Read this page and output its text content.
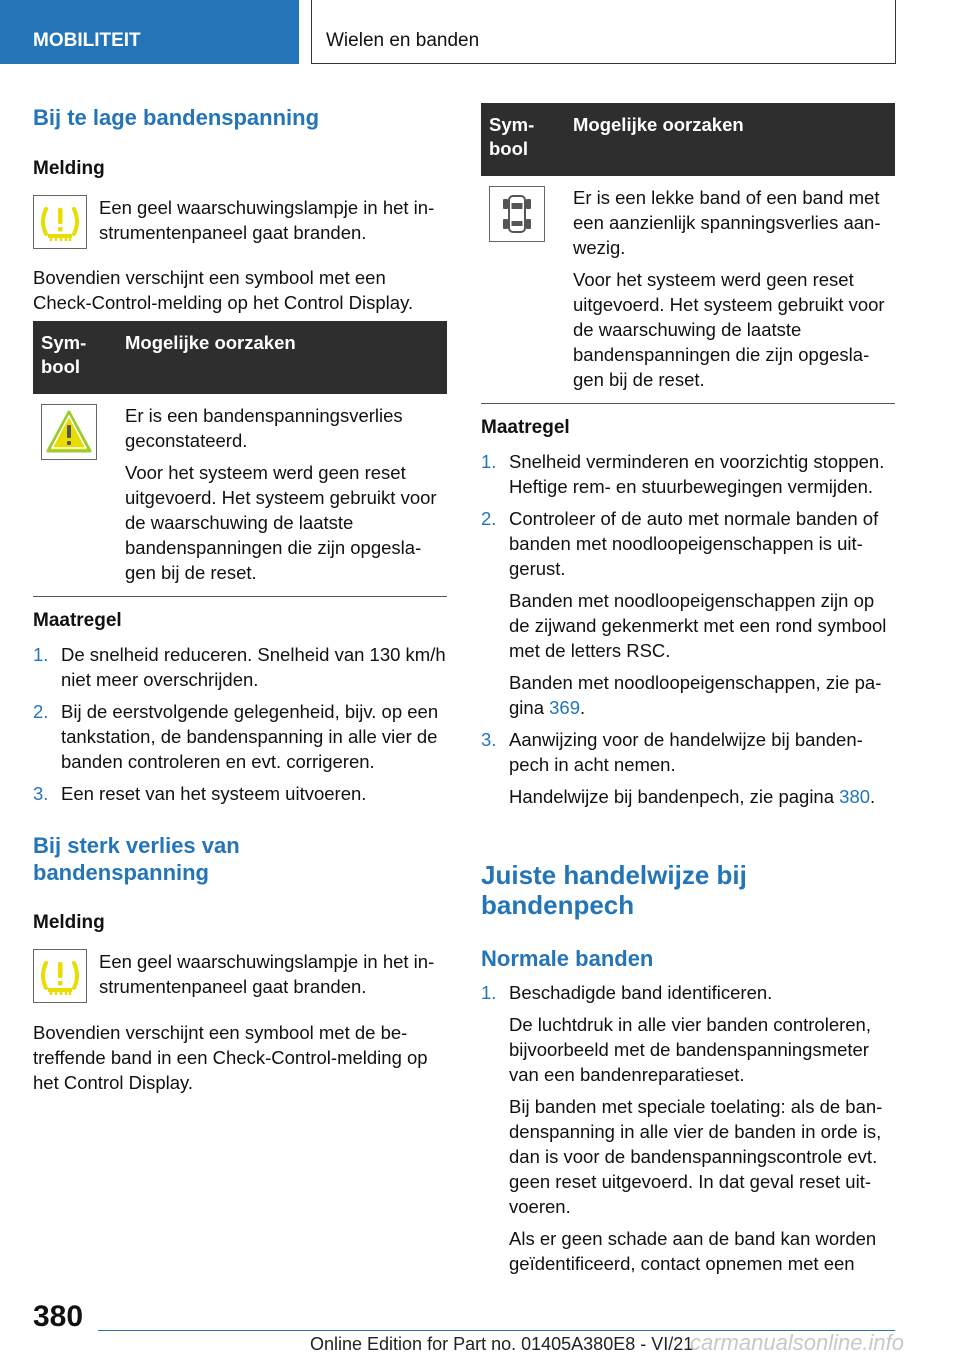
MOBILITEIT	Wielen en banden
Bij te lage bandenspanning
Melding

Een geel waarschuwingslampje in het instrumentenpaneel gaat branden.

Bovendien verschijnt een symbool met een Check-Control-melding op het Control Display.

Symbool	Mogelijke oorzaken

Er is een bandenspanningsverlies geconstateerd.

Voor het systeem werd geen reset uitgevoerd. Het systeem gebruikt voor de waarschuwing de laatste bandenspanningen die zijn opgeslagen bij de reset.

Maatregel
1. De snelheid reduceren. Snelheid van 130 km/h niet meer overschrijden.
2. Bij de eerstvolgende gelegenheid, bijv. op een tankstation, de bandenspanning in alle vier de banden controleren en evt. corrigeren.
3. Een reset van het systeem uitvoeren.
Bij sterk verlies van bandenspanning
Melding

Een geel waarschuwingslampje in het instrumentenpaneel gaat branden.

Bovendien verschijnt een symbool met de betreffende band in een Check-Control-melding op het Control Display.

Symbool	Mogelijke oorzaken

Er is een lekke band of een band met een aanzienlijk spanningsverlies aanwezig.

Voor het systeem werd geen reset uitgevoerd. Het systeem gebruikt voor de waarschuwing de laatste bandenspanningen die zijn opgeslagen bij de reset.

Maatregel
1. Snelheid verminderen en voorzichtig stoppen. Heftige rem- en stuurbewegingen vermijden.
2. Controleer of de auto met normale banden of banden met noodloopeigenschappen is uitgerust.

Banden met noodloopeigenschappen zijn op de zijwand gekenmerkt met een rond symbool met de letters RSC.

Banden met noodloopeigenschappen, zie pagina 369.

3. Aanwijzing voor de handelwijze bij bandenpech in acht nemen.

Handelwijze bij bandenpech, zie pagina 380.

Juiste handelwijze bij bandenpech
Normale banden
1. Beschadigde band identificeren.

De luchtdruk in alle vier banden controleren, bijvoorbeeld met de bandenspanningsmeter van een bandenreparatieset.

Bij banden met speciale toelating: als de bandenspanning in alle vier de banden in orde is, dan is voor de bandenspanningscontrole evt. geen reset uitgevoerd. In dat geval reset uitvoeren.

Als er geen schade aan de band kan worden geïdentificeerd, contact opnemen met een

380
Online Edition for Part no. 01405A380E8 - VI/21
carmanualsonline.info
